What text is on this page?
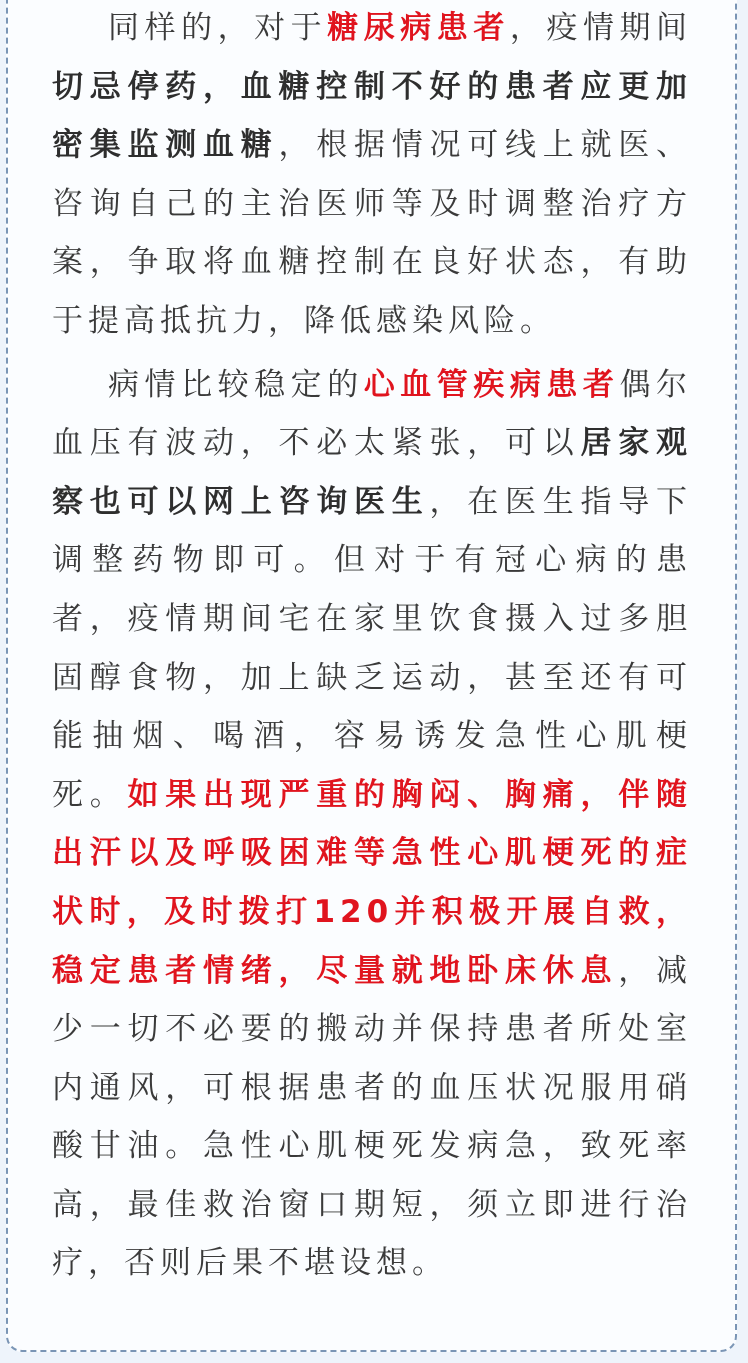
同样的，对于糖尿病患者，疫情期间
切忌停药，血糖控制不好的患者应更加
密集监测血糖，根据情况可线上就医、
咨询自己的主治医师等及时调整治疗方
案，争取将血糖控制在良好状态，有助
于提高抵抗力，降低感染风险。
病情比较稳定的心血管疾病患者偶尔
血压有波动，不必太紧张，可以居家观
察也可以网上咨询医生，在医生指导下
调整药物即可。但对于有冠心病的患
者，疫情期间宅在家里饮食摄入过多胆
固醇食物，加上缺乏运动，甚至还有可
能抽烟、喝酒，容易诱发急性心肌梗
死。如果出现严重的胸闷、胸痛，伴随
出汗以及呼吸困难等急性心肌梗死的症
状时，及时拨打120并积极开展自救，
稳定患者情绪，尽量就地卧床休息，减
少一切不必要的搬动并保持患者所处室
内通风，可根据患者的血压状况服用硝
酸甘油。急性心肌梗死发病急，致死率
高，最佳救治窗口期短，须立即进行治
疗，否则后果不堪设想。
